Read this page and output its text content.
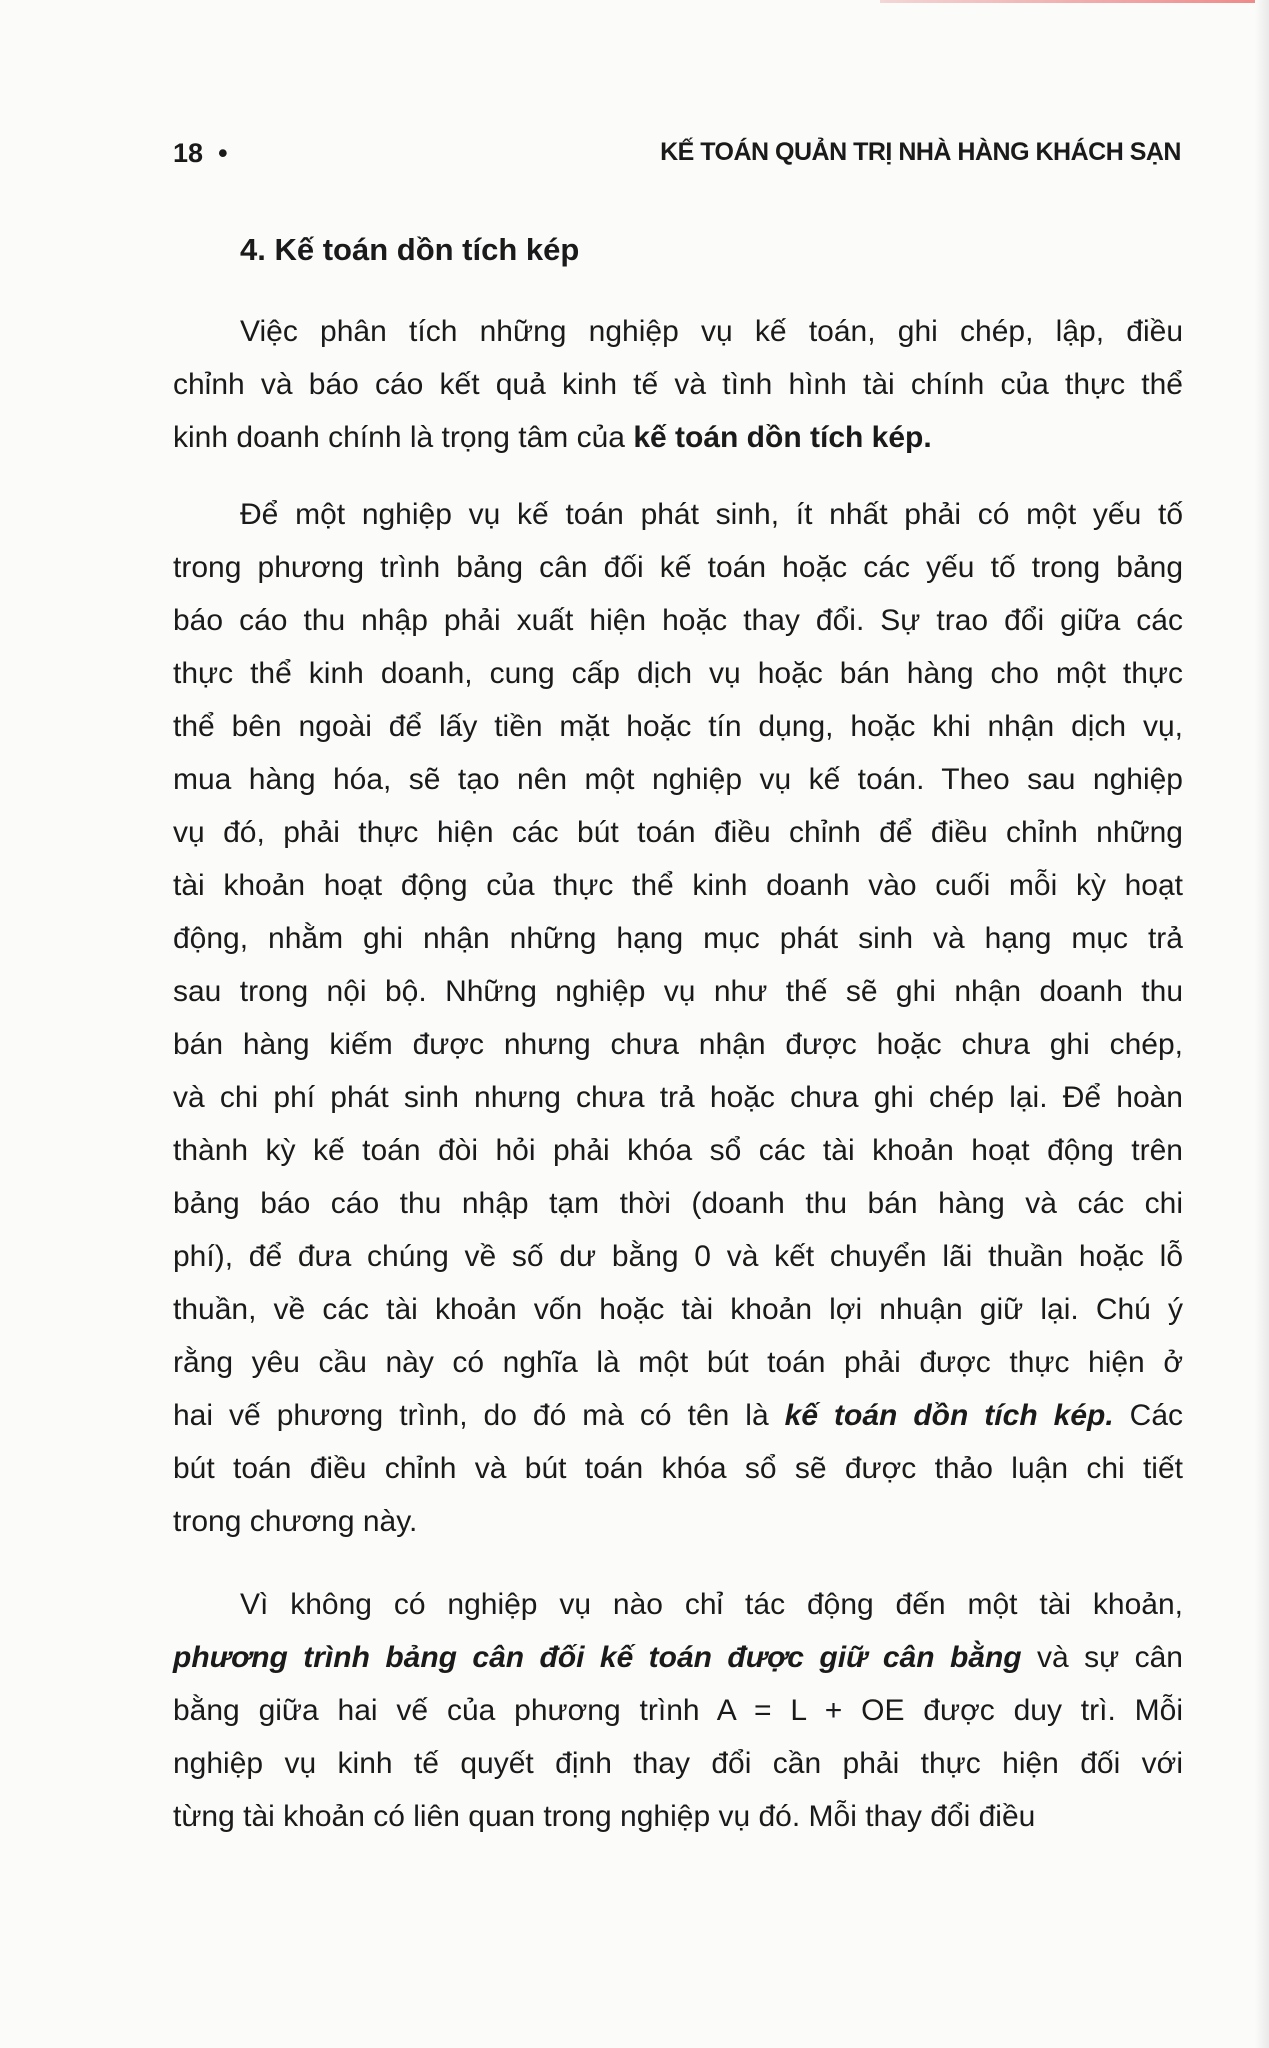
18 •	KẾ TOÁN QUẢN TRỊ NHÀ HÀNG KHÁCH SẠN
4. Kế toán dồn tích kép
Việc phân tích những nghiệp vụ kế toán, ghi chép, lập, điều
chỉnh và báo cáo kết quả kinh tế và tình hình tài chính của thực thể
kinh doanh chính là trọng tâm của kế toán dồn tích kép.
Để một nghiệp vụ kế toán phát sinh, ít nhất phải có một yếu tố
trong phương trình bảng cân đối kế toán hoặc các yếu tố trong bảng
báo cáo thu nhập phải xuất hiện hoặc thay đổi. Sự trao đổi giữa các
thực thể kinh doanh, cung cấp dịch vụ hoặc bán hàng cho một thực
thể bên ngoài để lấy tiền mặt hoặc tín dụng, hoặc khi nhận dịch vụ,
mua hàng hóa, sẽ tạo nên một nghiệp vụ kế toán. Theo sau nghiệp
vụ đó, phải thực hiện các bút toán điều chỉnh để điều chỉnh những
tài khoản hoạt động của thực thể kinh doanh vào cuối mỗi kỳ hoạt
động, nhằm ghi nhận những hạng mục phát sinh và hạng mục trả
sau trong nội bộ. Những nghiệp vụ như thế sẽ ghi nhận doanh thu
bán hàng kiếm được nhưng chưa nhận được hoặc chưa ghi chép,
và chi phí phát sinh nhưng chưa trả hoặc chưa ghi chép lại. Để hoàn
thành kỳ kế toán đòi hỏi phải khóa sổ các tài khoản hoạt động trên
bảng báo cáo thu nhập tạm thời (doanh thu bán hàng và các chi
phí), để đưa chúng về số dư bằng 0 và kết chuyển lãi thuần hoặc lỗ
thuần, về các tài khoản vốn hoặc tài khoản lợi nhuận giữ lại. Chú ý
rằng yêu cầu này có nghĩa là một bút toán phải được thực hiện ở
hai vế phương trình, do đó mà có tên là kế toán dồn tích kép. Các
bút toán điều chỉnh và bút toán khóa sổ sẽ được thảo luận chi tiết
trong chương này.
Vì không có nghiệp vụ nào chỉ tác động đến một tài khoản,
phương trình bảng cân đối kế toán được giữ cân bằng và sự cân
bằng giữa hai vế của phương trình A = L + OE được duy trì. Mỗi
nghiệp vụ kinh tế quyết định thay đổi cần phải thực hiện đối với
từng tài khoản có liên quan trong nghiệp vụ đó. Mỗi thay đổi điều
